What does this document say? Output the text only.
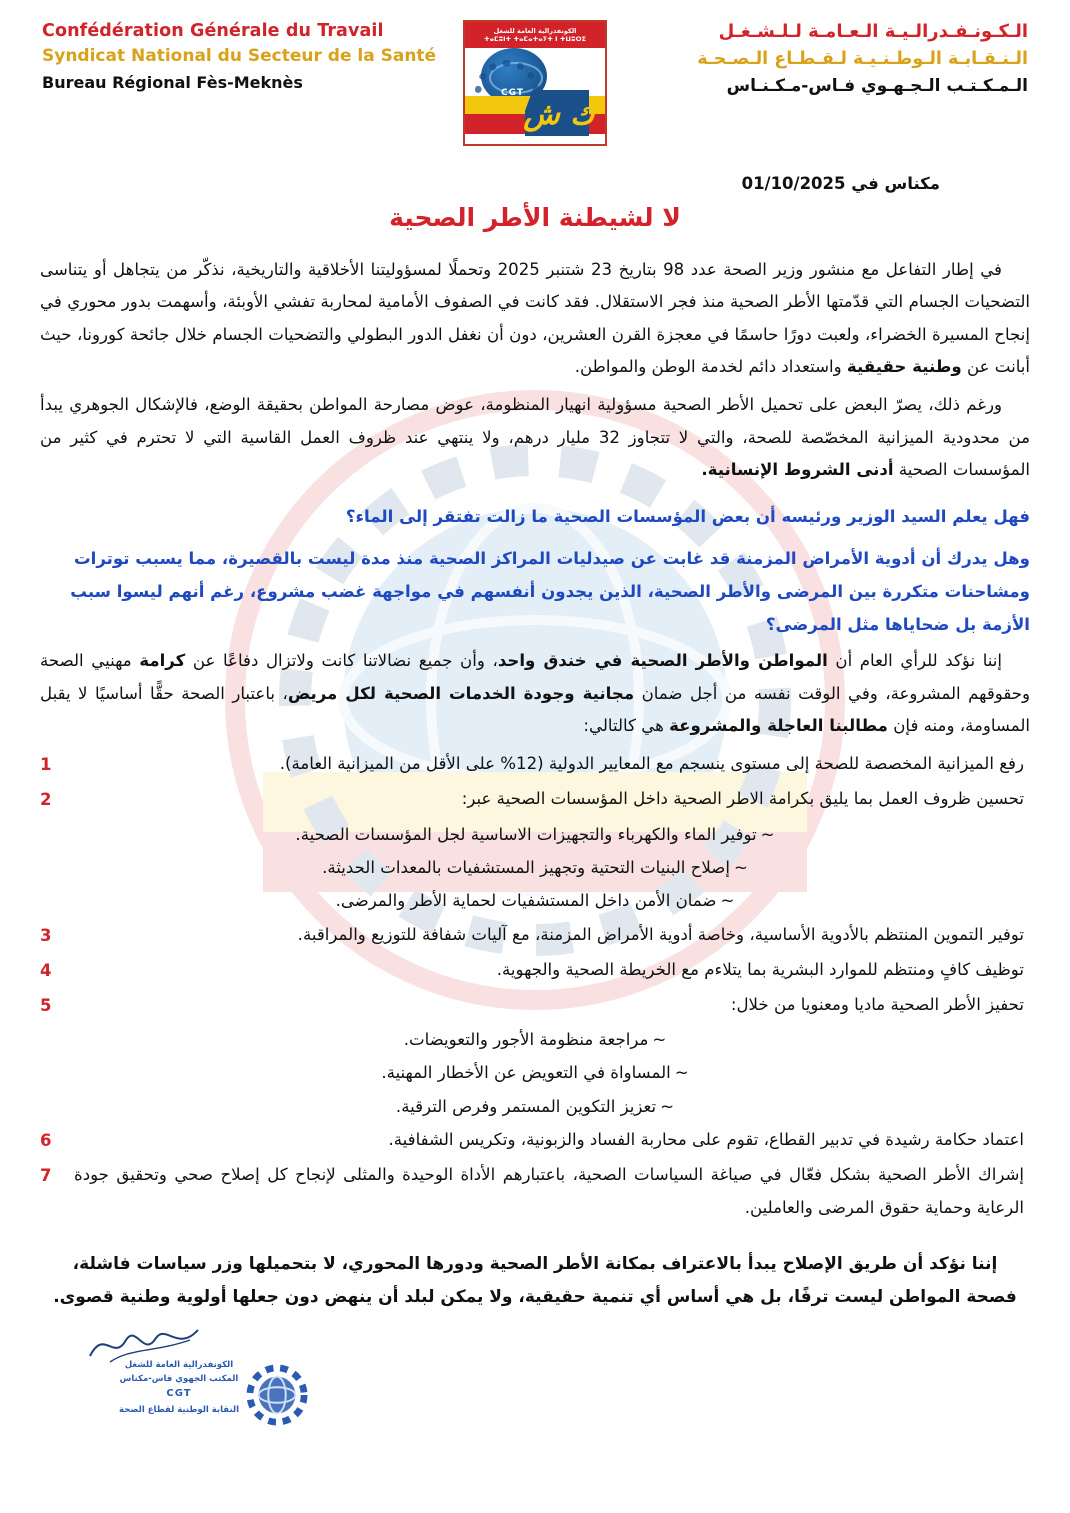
Confédération Générale du Travail
Syndicat National du Secteur de la Santé
Bureau Régional Fès-Meknès
الكونفدرالية العامة للشغل
ⵜⴰⵎⵓⵏⵜ ⵜⴰⵎⴰⵜⴰⵢⵜ ⵏ ⵜⵡⵓⵔⵉ
CGT
ك ش
الـكـونـفـدرالـيـة الـعـامـة لـلـشـغـل
الـنـقـابـة الـوطـنـيـة لـقـطـاع الـصـحـة
الـمـكـتـب الـجـهـوي فـاس-مـكـنـاس
مكناس في 01/10/2025
لا لشيطنة الأطر الصحية

في إطار التفاعل مع منشور وزير الصحة عدد 98 بتاريخ 23 شتنبر 2025 وتحملًا لمسؤوليتنا الأخلاقية والتاريخية، نذكّر من يتجاهل أو يتناسى التضحيات الجسام التي قدّمتها الأطر الصحية منذ فجر الاستقلال. فقد كانت في الصفوف الأمامية لمحاربة تفشي الأوبئة، وأسهمت بدور محوري في إنجاح المسيرة الخضراء، ولعبت دورًا حاسمًا في معجزة القرن العشرين، دون أن نغفل الدور البطولي والتضحيات الجسام خلال جائحة كورونا، حيث أبانت عن وطنية حقيقية واستعداد دائم لخدمة الوطن والمواطن.

ورغم ذلك، يصرّ البعض على تحميل الأطر الصحية مسؤولية انهيار المنظومة، عوض مصارحة المواطن بحقيقة الوضع، فالإشكال الجوهري يبدأ من محدودية الميزانية المخصّصة للصحة، والتي لا تتجاوز 32 مليار درهم، ولا ينتهي عند ظروف العمل القاسية التي لا تحترم في كثير من المؤسسات الصحية أدنى الشروط الإنسانية.

فهل يعلم السيد الوزير ورئيسه أن بعض المؤسسات الصحية ما زالت تفتقر إلى الماء؟

وهل يدرك أن أدوية الأمراض المزمنة قد غابت عن صيدليات المراكز الصحية منذ مدة ليست بالقصيرة، مما يسبب توترات ومشاحنات متكررة بين المرضى والأطر الصحية، الذين يجدون أنفسهم في مواجهة غضب مشروع، رغم أنهم ليسوا سبب الأزمة بل ضحاياها مثل المرضى؟

إننا نؤكد للرأي العام أن المواطن والأطر الصحية في خندق واحد، وأن جميع نضالاتنا كانت ولاتزال دفاعًا عن كرامة مهنيي الصحة وحقوقهم المشروعة، وفي الوقت نفسه من أجل ضمان مجانية وجودة الخدمات الصحية لكل مريض، باعتبار الصحة حقًّا أساسيًا لا يقبل المساومة، ومنه فإن مطالبنا العاجلة والمشروعة هي كالتالي:

1	رفع الميزانية المخصصة للصحة إلى مستوى ينسجم مع المعايير الدولية (12% على الأقل من الميزانية العامة).
2	تحسين ظروف العمل بما يليق بكرامة الاطر الصحية داخل المؤسسات الصحية عبر:
~توفير الماء والكهرباء والتجهيزات الاساسية لجل المؤسسات الصحية.
~إصلاح البنيات التحتية وتجهيز المستشفيات بالمعدات الحديثة.
~ضمان الأمن داخل المستشفيات لحماية الأطر والمرضى.
3	توفير التموين المنتظم بالأدوية الأساسية، وخاصة أدوية الأمراض المزمنة، مع آليات شفافة للتوزيع والمراقبة.
4	توظيف كافٍ ومنتظم للموارد البشرية بما يتلاءم مع الخريطة الصحية والجهوية.
5	تحفيز الأطر الصحية ماديا ومعنويا من خلال:
~مراجعة منظومة الأجور والتعويضات.
~المساواة في التعويض عن الأخطار المهنية.
~تعزيز التكوين المستمر وفرص الترقية.
6	اعتماد حكامة رشيدة في تدبير القطاع، تقوم على محاربة الفساد والزبونية، وتكريس الشفافية.
7	إشراك الأطر الصحية بشكل فعّال في صياغة السياسات الصحية، باعتبارهم الأداة الوحيدة والمثلى لإنجاح كل إصلاح صحي وتحقيق جودة الرعاية وحماية حقوق المرضى والعاملين.

إننا نؤكد أن طريق الإصلاح يبدأ بالاعتراف بمكانة الأطر الصحية ودورها المحوري، لا بتحميلها وزر سياسات فاشلة، فصحة المواطن ليست ترفًا، بل هي أساس أي تنمية حقيقية، ولا يمكن لبلد أن ينهض دون جعلها أولوية وطنية قصوى.

الكونفدرالية العامة للشغل
المكتب الجهوي فاس-مكناس
CGT
النقابة الوطنية لقطاع الصحة
